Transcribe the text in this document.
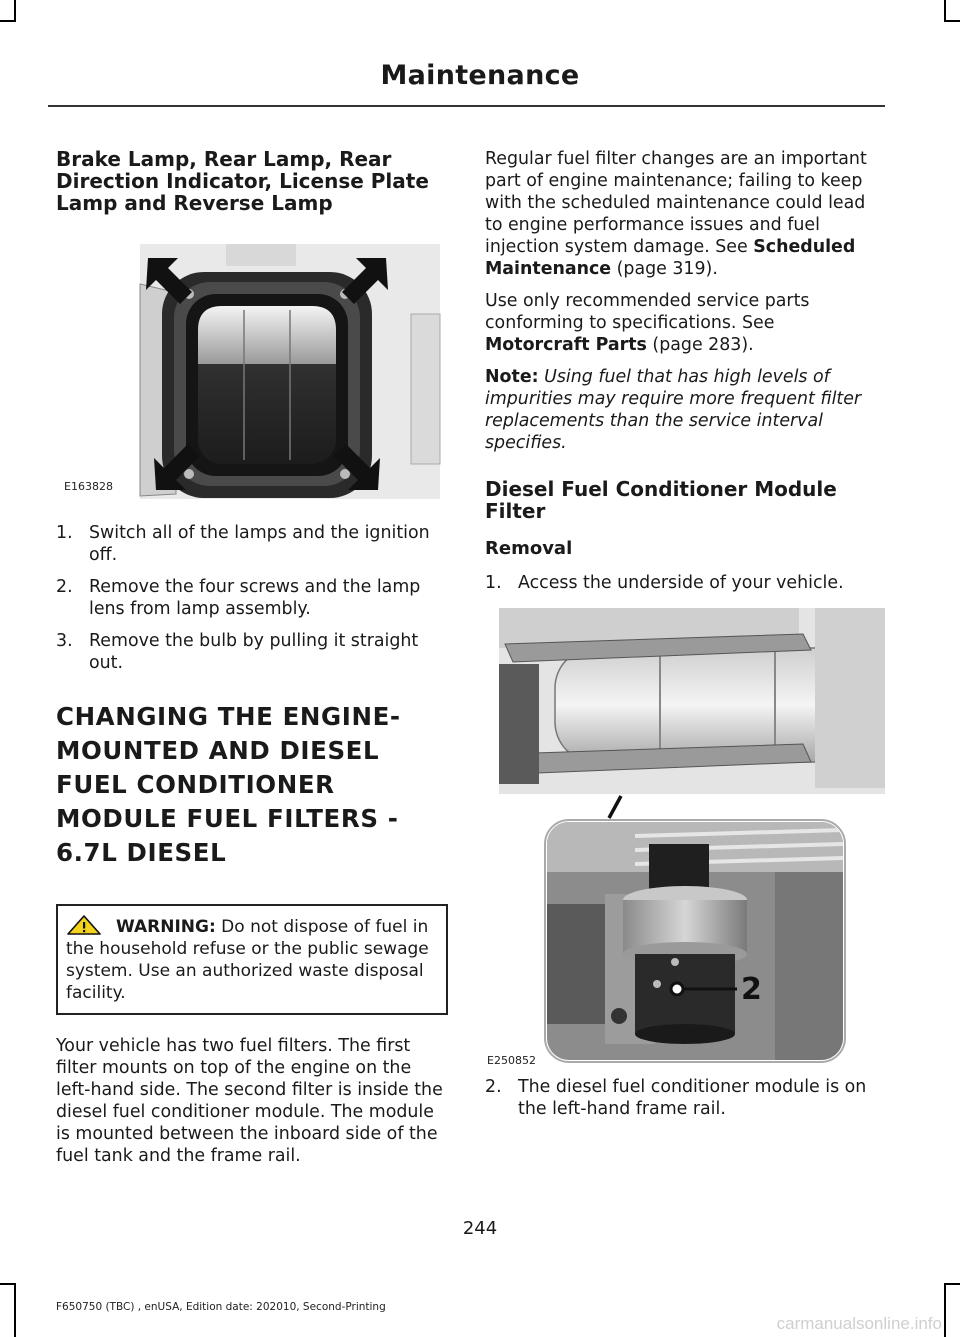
Maintenance
Brake Lamp, Rear Lamp, Rear Direction Indicator, License Plate Lamp and Reverse Lamp
E163828
1. Switch all of the lamps and the ignition off.
2. Remove the four screws and the lamp lens from lamp assembly.
3. Remove the bulb by pulling it straight out.
CHANGING THE ENGINE-MOUNTED AND DIESEL FUEL CONDITIONER MODULE FUEL FILTERS - 6.7L DIESEL
WARNING: Do not dispose of fuel in the household refuse or the public sewage system. Use an authorized waste disposal facility.

Your vehicle has two fuel filters. The first filter mounts on top of the engine on the left-hand side. The second filter is inside the diesel fuel conditioner module. The module is mounted between the inboard side of the fuel tank and the frame rail.

Regular fuel filter changes are an important part of engine maintenance; failing to keep with the scheduled maintenance could lead to engine performance issues and fuel injection system damage. See Scheduled Maintenance (page 319).

Use only recommended service parts conforming to specifications. See Motorcraft Parts (page 283).

Note: Using fuel that has high levels of impurities may require more frequent filter replacements than the service interval specifies.

Diesel Fuel Conditioner Module Filter
Removal
1. Access the underside of your vehicle.
2
E250852
2. The diesel fuel conditioner module is on the left-hand frame rail.
244
F650750 (TBC) , enUSA, Edition date: 202010, Second-Printing
carmanualsonline.info
